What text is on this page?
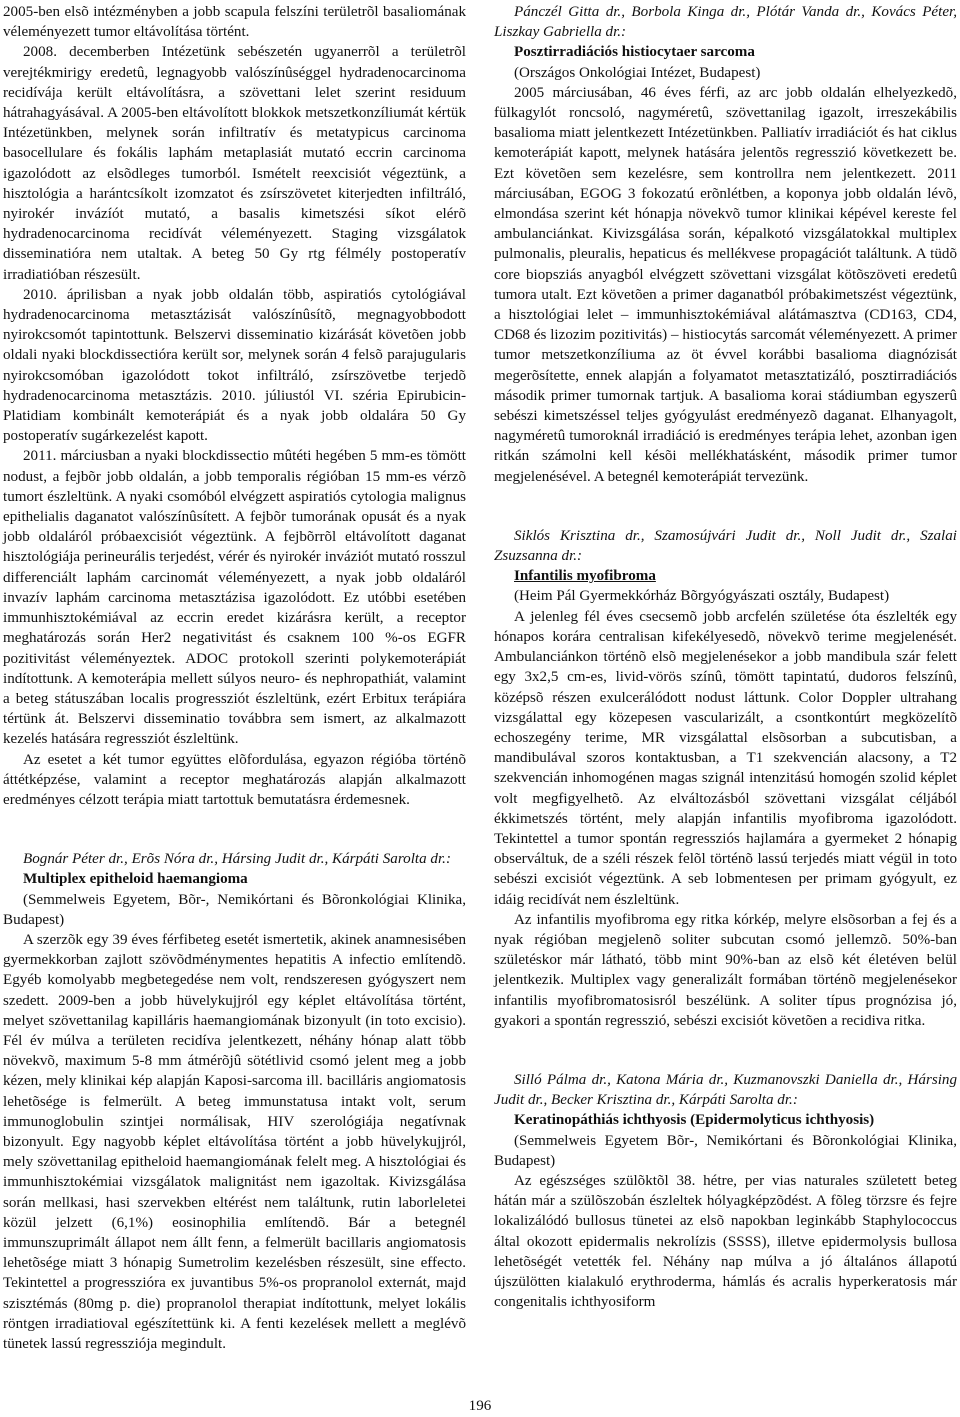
2005-ben elsõ intézményben a jobb scapula felszíni területrõl basaliomának véleményezett tumor eltávolítása történt.

2008. decemberben Intézetünk sebészetén ugyanerrõl a területrõl verejtékmirigy eredetû, legnagyobb valószínûséggel hydradenocarcinoma recidívája került eltávolításra, a szövettani lelet szerint residuum hátrahagyásával. A 2005-ben eltávolított blokkok metszetkonzíliumát kértük Intézetünkben, melynek során infiltratív és metatypicus carcinoma basocellulare és fokális laphám metaplasiát mutató eccrin carcinoma igazolódott az elsõdleges tumorból. Ismételt reexcisiót végeztünk, a hisztológia a harántcsíkolt izomzatot és zsírszövetet kiterjedten infiltráló, nyirokér invázíót mutató, a basalis kimetszési síkot elérõ hydradenocarcinoma recidívát véleményezett. Staging vizsgálatok disseminatióra nem utaltak. A beteg 50 Gy rtg félmély postoperatív irradiatióban részesült.

2010. áprilisban a nyak jobb oldalán több, aspiratiós cytológiával hydradenocarcinoma metasztázisát valószínûsítõ, megnagyobbodott nyirokcsomót tapintottunk. Belszervi disseminatio kizárását követõen jobb oldali nyaki blockdissectióra került sor, melynek során 4 felsõ parajugularis nyirokcsomóban igazolódott tokot infiltráló, zsírszövetbe terjedõ hydradenocarcinoma metasztázis. 2010. júliustól VI. széria Epirubicin-Platidiam kombinált kemoterápiát és a nyak jobb oldalára 50 Gy postoperatív sugárkezelést kapott.

2011. márciusban a nyaki blockdissectio mûtéti hegében 5 mm-es tömött nodust, a fejbõr jobb oldalán, a jobb temporalis régióban 15 mm-es vérzõ tumort észleltünk. A nyaki csomóból elvégzett aspiratiós cytologia malignus epithelialis daganatot valószínûsített. A fejbõr tumorának opusát és a nyak jobb oldaláról próbaexcisiót végeztünk. A fejbõrrõl eltávolított daganat hisztológiája perineurális terjedést, vérér és nyirokér inváziót mutató rosszul differenciált laphám carcinomát véleményezett, a nyak jobb oldaláról invazív laphám carcinoma metasztázisa igazolódott. Ez utóbbi esetében immunhisztokémiával az eccrin eredet kizárásra került, a receptor meghatározás során Her2 negativitást és csaknem 100 %-os EGFR pozitivitást véleményeztek. ADOC protokoll szerinti polykemoterápiát indítottunk. A kemoterápia mellett súlyos neuro- és nephropathiát, valamint a beteg státuszában localis progressziót észleltünk, ezért Erbitux terápiára tértünk át. Belszervi disseminatio továbbra sem ismert, az alkalmazott kezelés hatására regressziót észleltünk.

Az esetet a két tumor együttes elõfordulása, egyazon régióba történõ áttétképzése, valamint a receptor meghatározás alapján alkalmazott eredményes célzott terápia miatt tartottuk bemutatásra érdemesnek.

Bognár Péter dr., Erõs Nóra dr., Hársing Judit dr., Kárpáti Sarolta dr.:

Multiplex epitheloid haemangioma

(Semmelweis Egyetem, Bõr-, Nemikórtani és Bõronkológiai Klinika, Budapest)

A szerzõk egy 39 éves férfibeteg esetét ismertetik, akinek anamnesisében gyermekkorban zajlott szövõdménymentes hepatitis A infectio említendõ. Egyéb komolyabb megbetegedése nem volt, rendszeresen gyógyszert nem szedett. 2009-ben a jobb hüvelykujjról egy képlet eltávolítása történt, melyet szövettanilag kapilláris haemangiomának bizonyult (in toto excisio). Fél év múlva a területen recidíva jelentkezett, néhány hónap alatt több növekvõ, maximum 5-8 mm átmérõjû sötétlivid csomó jelent meg a jobb kézen, mely klinikai kép alapján Kaposi-sarcoma ill. bacilláris angiomatosis lehetõsége is felmerült. A beteg immunstatusa intakt volt, serum immunoglobulin szintjei normálisak, HIV szerológiája negatívnak bizonyult. Egy nagyobb képlet eltávolítása történt a jobb hüvelykujjról, mely szövettanilag epitheloid haemangiomának felelt meg. A hisztológiai és immunhisztokémiai vizsgálatok malignitást nem igazoltak. Kivizsgálása során mellkasi, hasi szervekben eltérést nem találtunk, rutin laborleletei közül jelzett (6,1%) eosinophilia említendõ. Bár a betegnél immunszuprimált állapot nem állt fenn, a felmerült bacillaris angiomatosis lehetõsége miatt 3 hónapig Sumetrolim kezelésben részesült, sine effecto. Tekintettel a progresszióra ex juvantibus 5%-os propranolol externát, majd szisztémás (80mg p. die) propranolol therapiat indítottunk, melyet lokális röntgen irradiatioval egészítettünk ki. A fenti kezelések mellett a meglévõ tünetek lassú regressziója megindult.

Pánczél Gitta dr., Borbola Kinga dr., Plótár Vanda dr., Kovács Péter, Liszkay Gabriella dr.:

Posztirradiációs histiocytaer sarcoma

(Országos Onkológiai Intézet, Budapest)

2005 márciusában, 46 éves férfi, az arc jobb oldalán elhelyezkedõ, fülkagylót roncsoló, nagyméretû, szövettanilag igazolt, irreszekábilis basalioma miatt jelentkezett Intézetünkben. Palliatív irradiációt és hat ciklus kemoterápiát kapott, melynek hatására jelentõs regresszió következett be. Ezt követõen sem kezelésre, sem kontrollra nem jelentkezett. 2011 márciusában, EGOG 3 fokozatú erõnlétben, a koponya jobb oldalán lévõ, elmondása szerint két hónapja növekvõ tumor klinikai képével kereste fel ambulanciánkat. Kivizsgálása során, képalkotó vizsgálatokkal multiplex pulmonalis, pleuralis, hepaticus és mellékvese propagációt találtunk. A tüdõ core biopsziás anyagból elvégzett szövettani vizsgálat kötõszöveti eredetû tumora utalt. Ezt követõen a primer daganatból próbakimetszést végeztünk, a hisztológiai lelet – immunhisztokémiával alátámasztva (CD163, CD4, CD68 és lizozim pozitivitás) – histiocytás sarcomát véleményezett. A primer tumor metszetkonzíliuma az öt évvel korábbi basalioma diagnózisát megerõsítette, ennek alapján a folyamatot metasztatizáló, posztirradiációs második primer tumornak tartjuk. A basalioma korai stádiumban egyszerû sebészi kimetszéssel teljes gyógyulást eredményezõ daganat. Elhanyagolt, nagyméretû tumoroknál irradiáció is eredményes terápia lehet, azonban igen ritkán számolni kell késõi mellékhatásként, második primer tumor megjelenésével. A betegnél kemoterápiát tervezünk.

Siklós Krisztina dr., Szamosújvári Judit dr., Noll Judit dr., Szalai Zsuzsanna dr.:

Infantilis myofibroma

(Heim Pál Gyermekkórház Bõrgyógyászati osztály, Budapest)

A jelenleg fél éves csecsemõ jobb arcfelén születése óta észlelték egy hónapos korára centralisan kifekélyesedõ, növekvõ terime megjelenését. Ambulanciánkon történõ elsõ megjelenésekor a jobb mandibula szár felett egy 3x2,5 cm-es, livid-vörös színû, tömött tapintatú, dudoros felszínû, középsõ részen exulcerálódott nodust láttunk. Color Doppler ultrahang vizsgálattal egy közepesen vascularizált, a csontkontúrt megközelítõ echoszegény terime, MR vizsgálattal elsõsorban a subcutisban, a mandibulával szoros kontaktusban, a T1 szekvencián alacsony, a T2 szekvencián inhomogénen magas szignál intenzitású homogén szolid képlet volt megfigyelhetõ. Az elváltozásból szövettani vizsgálat céljából ékkimetszés történt, mely alapján infantilis myofibroma igazolódott. Tekintettel a tumor spontán regressziós hajlamára a gyermeket 2 hónapig observáltuk, de a széli részek felõl történõ lassú terjedés miatt végül in toto sebészi excisiót végeztünk. A seb lobmentesen per primam gyógyult, ez idáig recidívát nem észleltünk.

Az infantilis myofibroma egy ritka kórkép, melyre elsõsorban a fej és a nyak régióban megjelenõ soliter subcutan csomó jellemzõ. 50%-ban születéskor már látható, több mint 90%-ban az elsõ két életéven belül jelentkezik. Multiplex vagy generalizált formában történõ megjelenésekor infantilis myofibromatosisról beszélünk. A soliter típus prognózisa jó, gyakori a spontán regresszió, sebészi excisiót követõen a recidiva ritka.

Silló Pálma dr., Katona Mária dr., Kuzmanovszki Daniella dr., Hársing Judit dr., Becker Krisztina dr., Kárpáti Sarolta dr.:

Keratinopáthiás ichthyosis (Epidermolyticus ichthyosis)

(Semmelweis Egyetem Bõr-, Nemikórtani és Bõronkológiai Klinika, Budapest)

Az egészséges szülõktõl 38. hétre, per vias naturales született beteg hátán már a szülõszobán észleltek hólyagképzõdést. A fõleg törzsre és fejre lokalizálódó bullosus tünetei az elsõ napokban leginkább Staphylococcus által okozott epidermalis nekrolízis (SSSS), illetve epidermolysis bullosa lehetõségét vetették fel. Néhány nap múlva a jó általános állapotú újszülötten kialakuló erythroderma, hámlás és acralis hyperkeratosis már congenitalis ichthyosiform

196
